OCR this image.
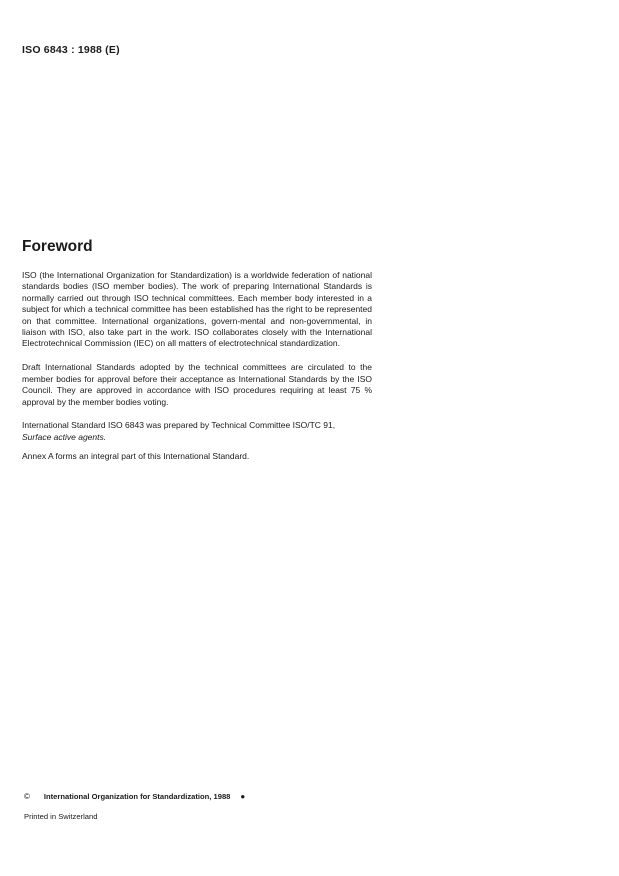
ISO 6843 : 1988 (E)
Foreword

ISO (the International Organization for Standardization) is a worldwide federation of national standards bodies (ISO member bodies). The work of preparing International Standards is normally carried out through ISO technical committees. Each member body interested in a subject for which a technical committee has been established has the right to be represented on that committee. International organizations, govern-mental and non-governmental, in liaison with ISO, also take part in the work. ISO collaborates closely with the International Electrotechnical Commission (IEC) on all matters of electrotechnical standardization.

Draft International Standards adopted by the technical committees are circulated to the member bodies for approval before their acceptance as International Standards by the ISO Council. They are approved in accordance with ISO procedures requiring at least 75 % approval by the member bodies voting.

International Standard ISO 6843 was prepared by Technical Committee ISO/TC 91,
Surface active agents.

Annex A forms an integral part of this International Standard.

© International Organization for Standardization, 1988 ●
Printed in Switzerland
